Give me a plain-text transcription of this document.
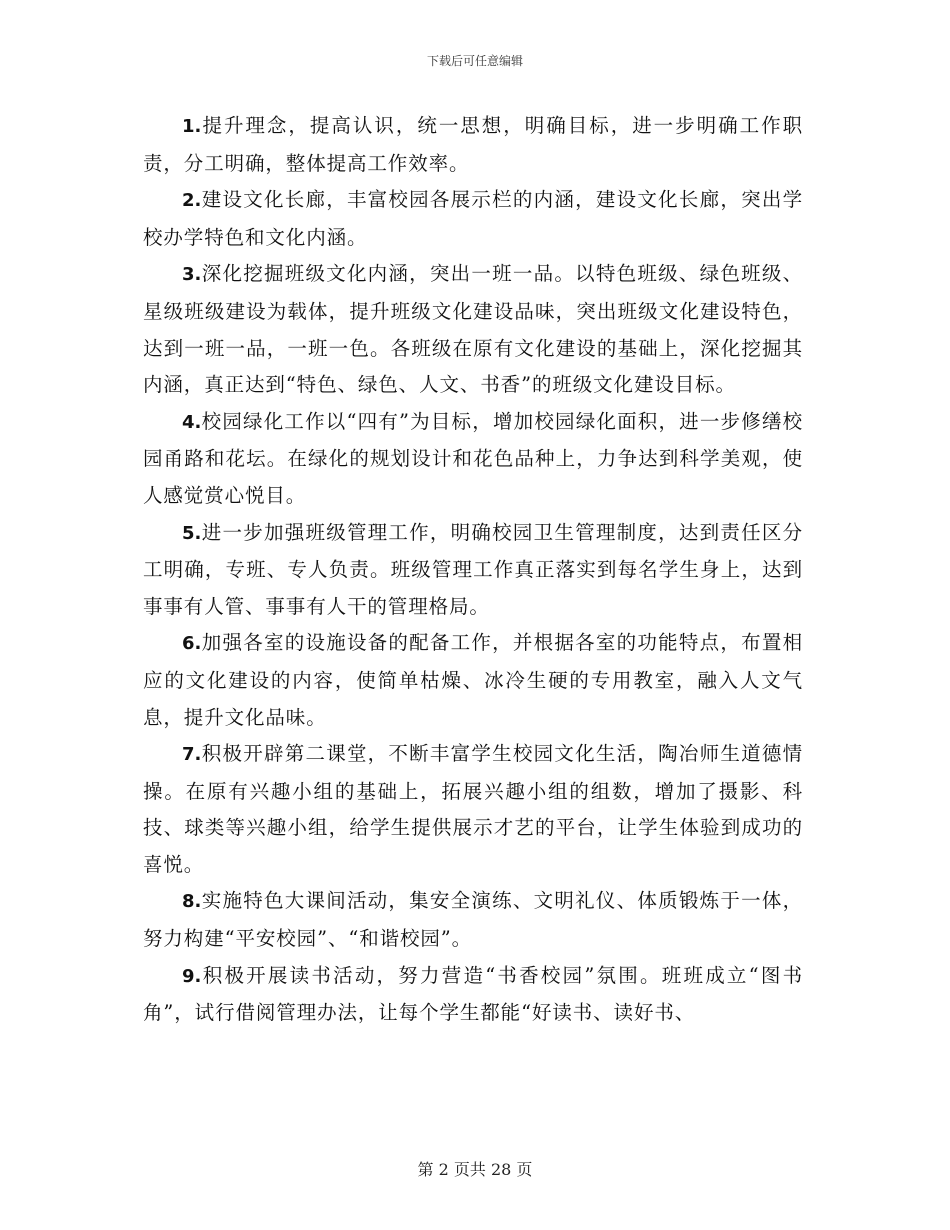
下载后可任意编辑

1.提升理念，提高认识，统一思想，明确目标，进一步明确工作职责，分工明确，整体提高工作效率。

2.建设文化长廊，丰富校园各展示栏的内涵，建设文化长廊，突出学校办学特色和文化内涵。

3.深化挖掘班级文化内涵，突出一班一品。以特色班级、绿色班级、星级班级建设为载体，提升班级文化建设品味，突出班级文化建设特色，达到一班一品，一班一色。各班级在原有文化建设的基础上，深化挖掘其内涵，真正达到“特色、绿色、人文、书香”的班级文化建设目标。

4.校园绿化工作以“四有”为目标，增加校园绿化面积，进一步修缮校园甬路和花坛。在绿化的规划设计和花色品种上，力争达到科学美观，使人感觉赏心悦目。

5.进一步加强班级管理工作，明确校园卫生管理制度，达到责任区分工明确，专班、专人负责。班级管理工作真正落实到每名学生身上，达到事事有人管、事事有人干的管理格局。

6.加强各室的设施设备的配备工作，并根据各室的功能特点，布置相应的文化建设的内容，使简单枯燥、冰冷生硬的专用教室，融入人文气息，提升文化品味。

7.积极开辟第二课堂，不断丰富学生校园文化生活，陶冶师生道德情操。在原有兴趣小组的基础上，拓展兴趣小组的组数，增加了摄影、科技、球类等兴趣小组，给学生提供展示才艺的平台，让学生体验到成功的喜悦。

8.实施特色大课间活动，集安全演练、文明礼仪、体质锻炼于一体，努力构建“平安校园”、“和谐校园”。

9.积极开展读书活动，努力营造“书香校园”氛围。班班成立“图书角”，试行借阅管理办法，让每个学生都能“好读书、读好书、

第 2 页共 28 页
